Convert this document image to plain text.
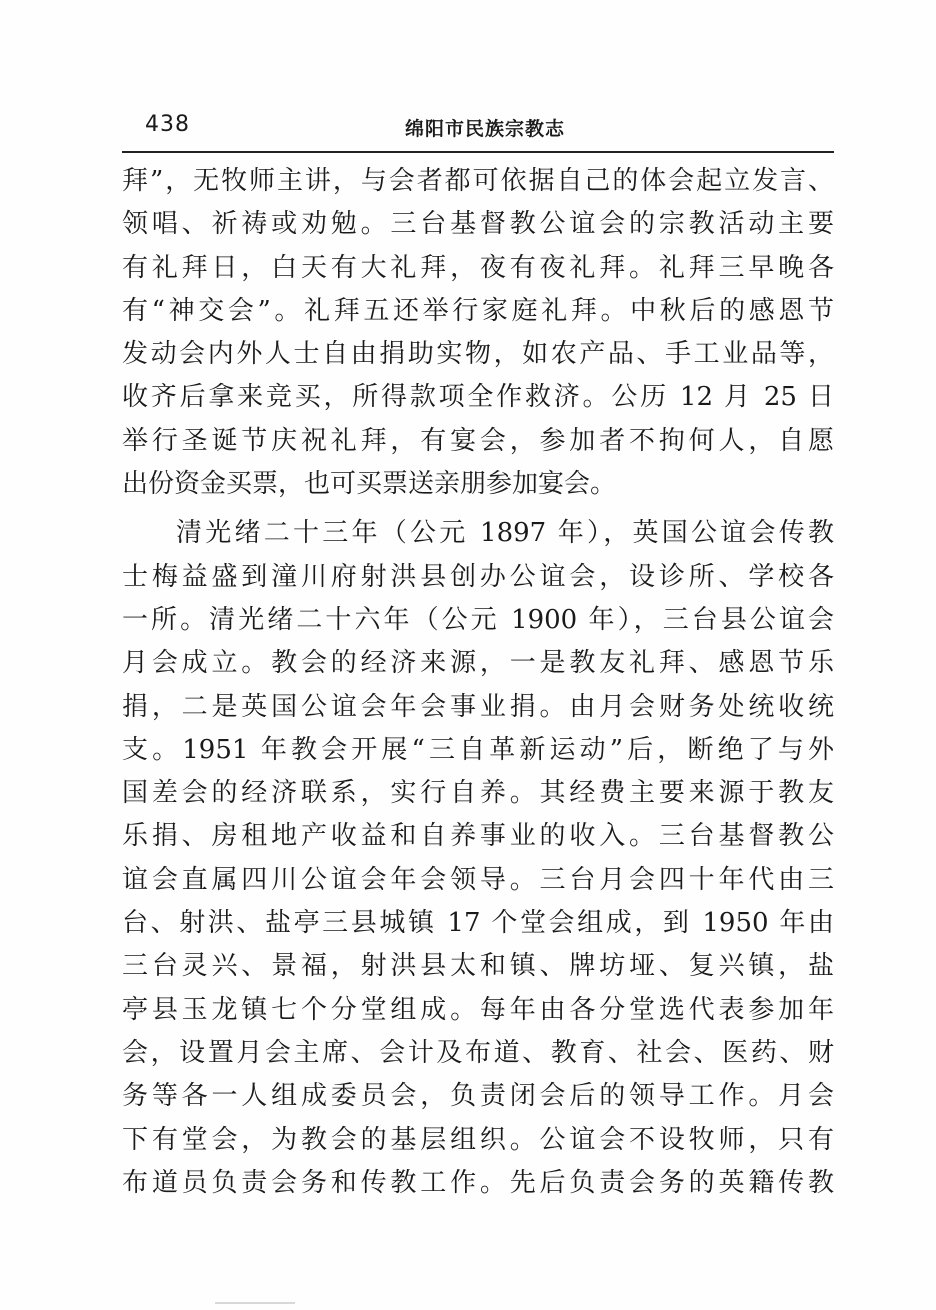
438	绵阳市民族宗教志
拜”，无牧师主讲，与会者都可依据自己的体会起立发言、
领唱、祈祷或劝勉。三台基督教公谊会的宗教活动主要
有礼拜日，白天有大礼拜，夜有夜礼拜。礼拜三早晚各
有“神交会”。礼拜五还举行家庭礼拜。中秋后的感恩节
发动会内外人士自由捐助实物，如农产品、手工业品等，
收齐后拿来竞买，所得款项全作救济。公历 12 月 25 日
举行圣诞节庆祝礼拜，有宴会，参加者不拘何人，自愿
出份资金买票，也可买票送亲朋参加宴会。
清光绪二十三年（公元 1897 年），英国公谊会传教
士梅益盛到潼川府射洪县创办公谊会，设诊所、学校各
一所。清光绪二十六年（公元 1900 年），三台县公谊会
月会成立。教会的经济来源，一是教友礼拜、感恩节乐
捐，二是英国公谊会年会事业捐。由月会财务处统收统
支。1951 年教会开展“三自革新运动”后，断绝了与外
国差会的经济联系，实行自养。其经费主要来源于教友
乐捐、房租地产收益和自养事业的收入。三台基督教公
谊会直属四川公谊会年会领导。三台月会四十年代由三
台、射洪、盐亭三县城镇 17 个堂会组成，到 1950 年由
三台灵兴、景福，射洪县太和镇、牌坊垭、复兴镇，盐
亭县玉龙镇七个分堂组成。每年由各分堂选代表参加年
会，设置月会主席、会计及布道、教育、社会、医药、财
务等各一人组成委员会，负责闭会后的领导工作。月会
下有堂会，为教会的基层组织。公谊会不设牧师，只有
布道员负责会务和传教工作。先后负责会务的英籍传教
